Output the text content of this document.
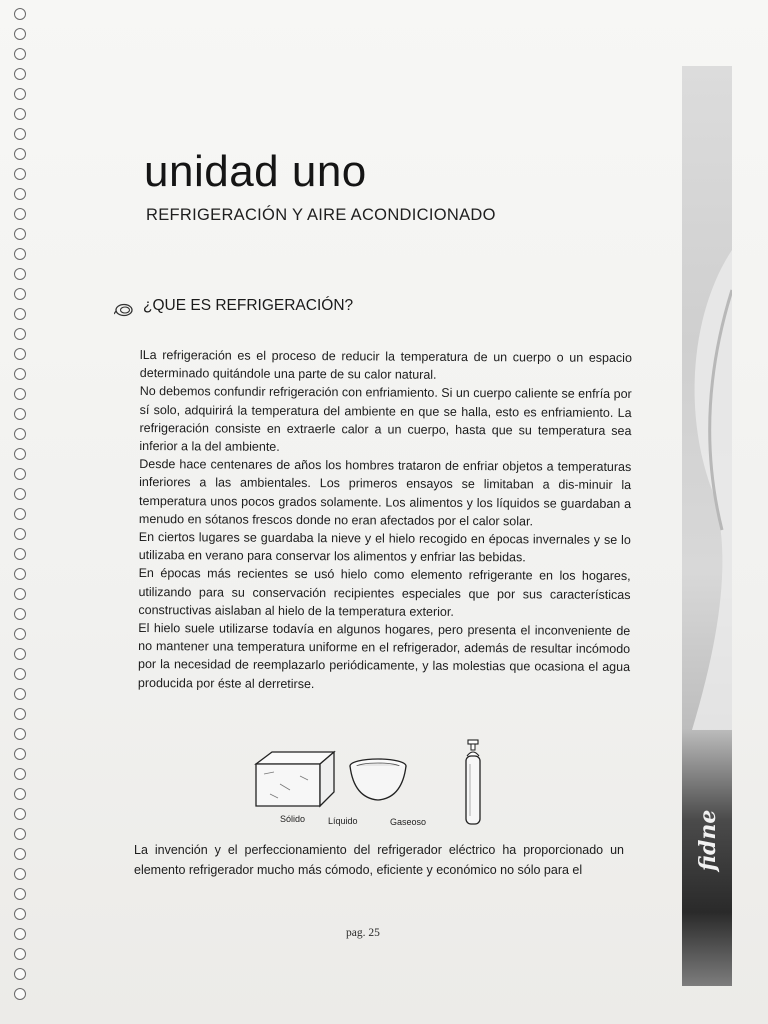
fidne
unidad uno
REFRIGERACIÓN Y AIRE ACONDICIONADO
¿QUE ES REFRIGERACIÓN?

lLa refrigeración es el proceso de reducir la temperatura de un cuerpo o un espacio determinado quitándole una parte de su calor natural.

No debemos confundir refrigeración con enfriamiento. Si un cuerpo caliente se enfría por sí solo, adquirirá la temperatura del ambiente en que se halla, esto es enfriamiento. La refrigeración consiste en extraerle calor a un cuerpo, hasta que su temperatura sea inferior a la del ambiente.

Desde hace centenares de años los hombres trataron de enfriar objetos a temperaturas inferiores a las ambientales. Los primeros ensayos se limitaban a dis-minuir la temperatura unos pocos grados solamente. Los alimentos y los líquidos se guardaban a menudo en sótanos frescos donde no eran afectados por el calor solar.

En ciertos lugares se guardaba la nieve y el hielo recogido en épocas invernales y se lo utilizaba en verano para conservar los alimentos y enfriar las bebidas.

En épocas más recientes se usó hielo como elemento refrigerante en los hogares, utilizando para su conservación recipientes especiales que por sus características constructivas aislaban al hielo de la temperatura exterior.

El hielo suele utilizarse todavía en algunos hogares, pero presenta el inconveniente de no mantener una temperatura uniforme en el refrigerador, además de resultar incómodo por la necesidad de reemplazarlo periódicamente, y las molestias que ocasiona el agua producida por éste al derretirse.

Sólido	Líquido	Gaseoso

La invención y el perfeccionamiento del refrigerador eléctrico ha proporcionado un elemento refrigerador mucho más cómodo, eficiente y económico no sólo para el

pag. 25
